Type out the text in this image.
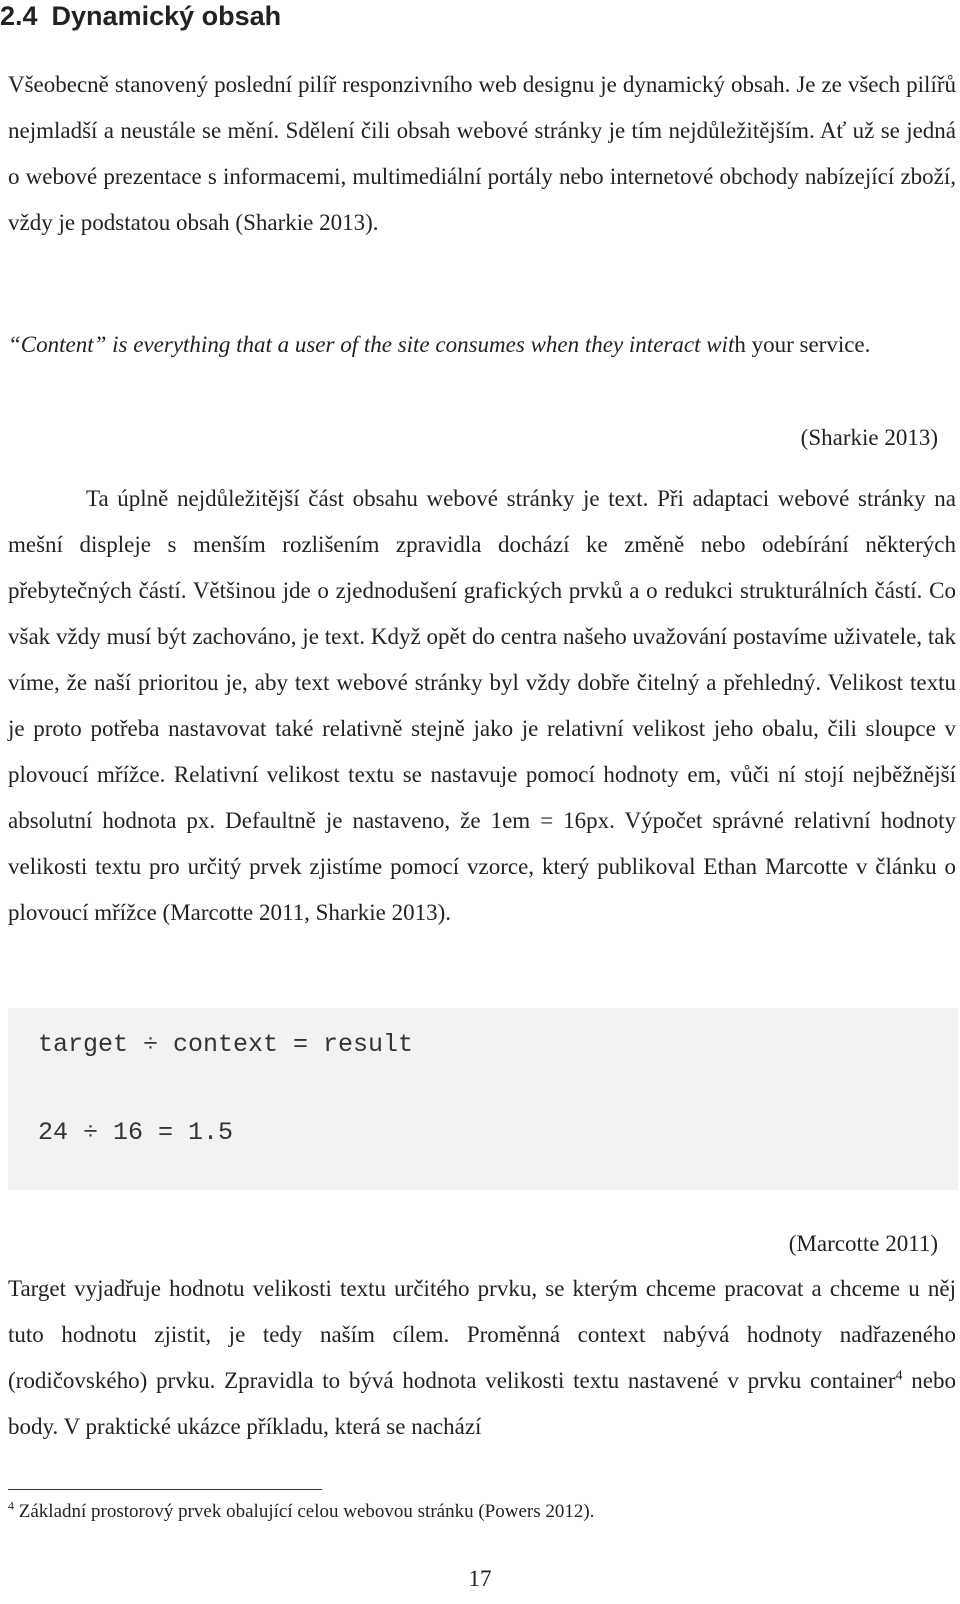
2.4 Dynamický obsah

Všeobecně stanovený poslední pilíř responzivního web designu je dynamický obsah. Je ze všech pilířů nejmladší a neustále se mění. Sdělení čili obsah webové stránky je tím nejdůležitějším. Ať už se jedná o webové prezentace s informacemi, multimediální portály nebo internetové obchody nabízející zboží, vždy je podstatou obsah (Sharkie 2013).

“Content” is everything that a user of the site consumes when they interact with your service.

(Sharkie 2013)

Ta úplně nejdůležitější část obsahu webové stránky je text. Při adaptaci webové stránky na mešní displeje s menším rozlišením zpravidla dochází ke změně nebo odebírání některých přebytečných částí. Většinou jde o zjednodušení grafických prvků a o redukci strukturálních částí. Co však vždy musí být zachováno, je text. Když opět do centra našeho uvažování postavíme uživatele, tak víme, že naší prioritou je, aby text webové stránky byl vždy dobře čitelný a přehledný. Velikost textu je proto potřeba nastavovat také relativně stejně jako je relativní velikost jeho obalu, čili sloupce v plovoucí mřížce. Relativní velikost textu se nastavuje pomocí hodnoty em, vůči ní stojí nejběžnější absolutní hodnota px. Defaultně je nastaveno, že 1em = 16px. Výpočet správné relativní hodnoty velikosti textu pro určitý prvek zjistíme pomocí vzorce, který publikoval Ethan Marcotte v článku o plovoucí mřížce (Marcotte 2011, Sharkie 2013).

target ÷ context = result
24 ÷ 16 = 1.5
(Marcotte 2011)

Target vyjadřuje hodnotu velikosti textu určitého prvku, se kterým chceme pracovat a chceme u něj tuto hodnotu zjistit, je tedy naším cílem. Proměnná context nabývá hodnoty nadřazeného (rodičovského) prvku. Zpravidla to bývá hodnota velikosti textu nastavené v prvku container$^4$ nebo body. V praktické ukázce příkladu, která se nachází

$^4$ Základní prostorový prvek obalující celou webovou stránku (Powers 2012).

17
